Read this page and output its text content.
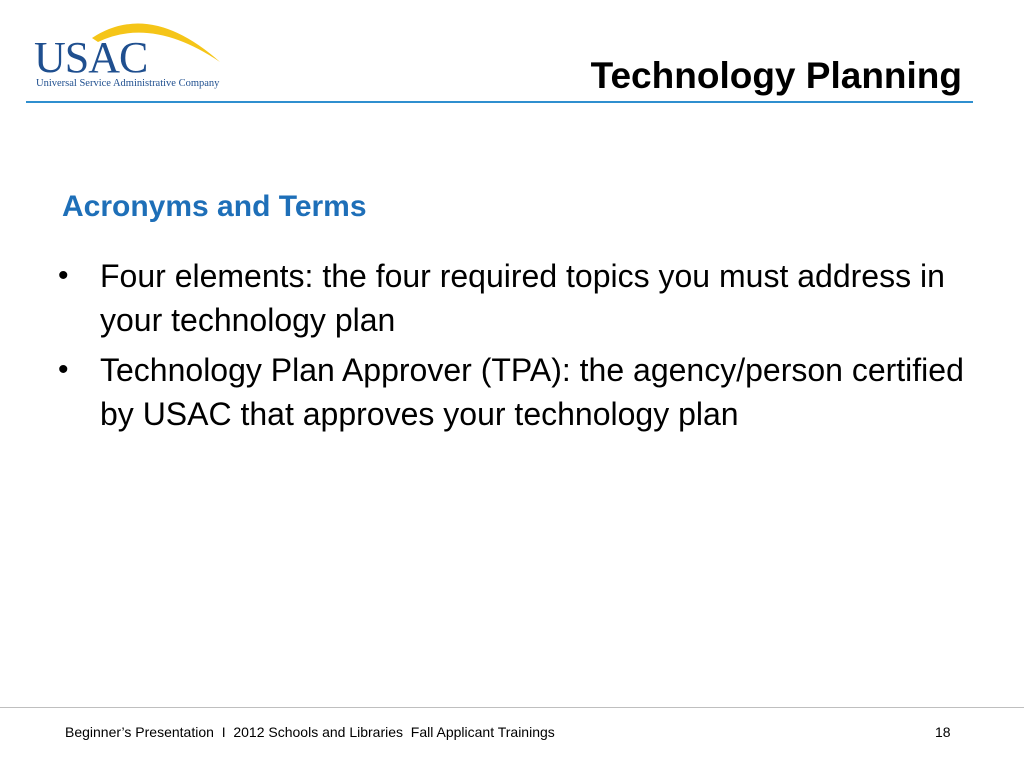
USAC
Universal Service Administrative Company	Technology Planning
Acronyms and Terms
• Four elements: the four required topics you must address in your technology plan
• Technology Plan Approver (TPA): the agency/person certified by USAC that approves your technology plan
Beginner’s Presentation  I  2012 Schools and Libraries  Fall Applicant Trainings	18
